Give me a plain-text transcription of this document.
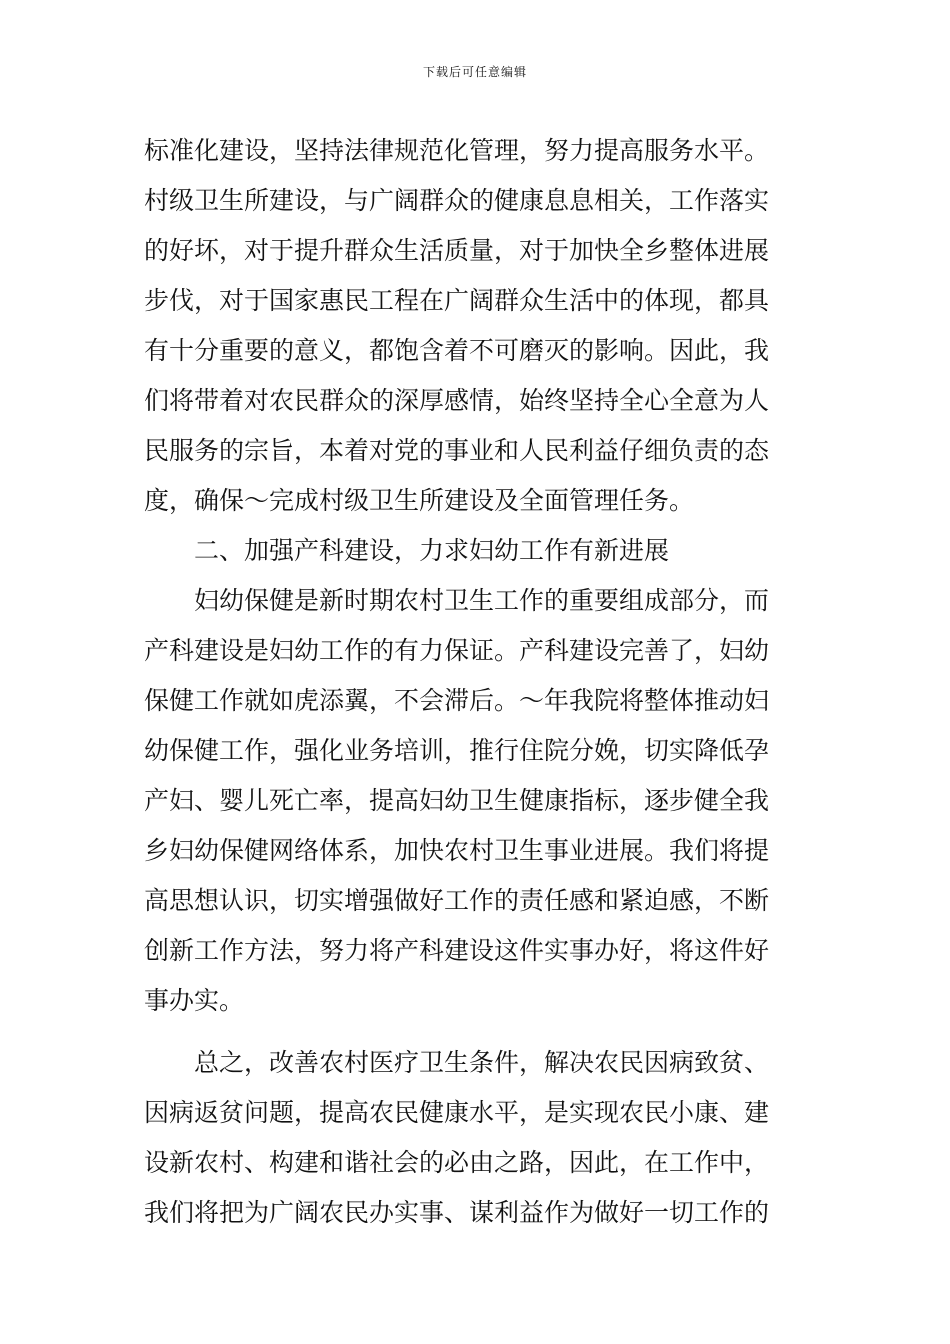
下载后可任意编辑
标准化建设，坚持法律规范化管理，努力提高服务水平。
村级卫生所建设，与广阔群众的健康息息相关，工作落实
的好坏，对于提升群众生活质量，对于加快全乡整体进展
步伐，对于国家惠民工程在广阔群众生活中的体现，都具
有十分重要的意义，都饱含着不可磨灭的影响。因此，我
们将带着对农民群众的深厚感情，始终坚持全心全意为人
民服务的宗旨，本着对党的事业和人民利益仔细负责的态
度，确保～完成村级卫生所建设及全面管理任务。
二、加强产科建设，力求妇幼工作有新进展
妇幼保健是新时期农村卫生工作的重要组成部分，而
产科建设是妇幼工作的有力保证。产科建设完善了，妇幼
保健工作就如虎添翼，不会滞后。～年我院将整体推动妇
幼保健工作，强化业务培训，推行住院分娩，切实降低孕
产妇、婴儿死亡率，提高妇幼卫生健康指标，逐步健全我
乡妇幼保健网络体系，加快农村卫生事业进展。我们将提
高思想认识，切实增强做好工作的责任感和紧迫感，不断
创新工作方法，努力将产科建设这件实事办好，将这件好
事办实。
总之，改善农村医疗卫生条件，解决农民因病致贫、
因病返贫问题，提高农民健康水平，是实现农民小康、建
设新农村、构建和谐社会的必由之路，因此，在工作中，
我们将把为广阔农民办实事、谋利益作为做好一切工作的
